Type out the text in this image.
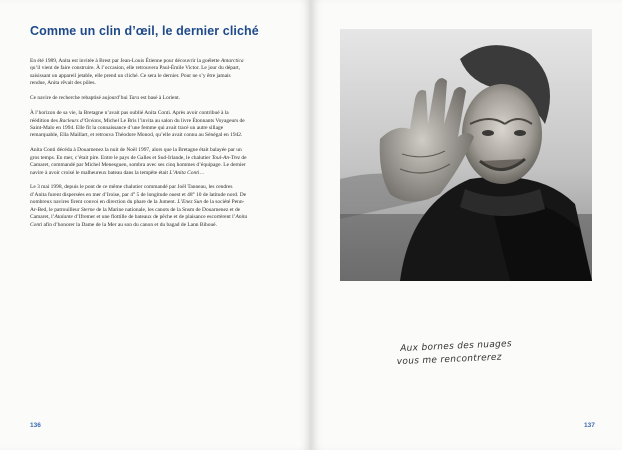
Comme un clin d’œil, le dernier cliché

En été 1989, Anita est invitée à Brest par Jean-Louis Étienne pour découvrir la goélette Antarctica qu’il vient de faire construire. À l’occasion, elle retrouvera Paul-Émile Victor. Le jour du départ, saisissant un appareil jetable, elle prend un cliché. Ce sera le dernier. Pour ne s’y être jamais rendue, Anita rêvait des pôles.

Ce navire de recherche rebaptisé aujourd’hui Tara est basé à Lorient.

À l’horizon de sa vie, la Bretagne n’avait pas oublié Anita Conti. Après avoir contribué à la réédition des Racleurs d’Océans, Michel Le Bris l’invita au salon du livre Étonnants Voyageurs de Saint-Malo en 1994. Elle fit la connaissance d’une femme qui avait tracé un autre sillage remarquable, Ella Maillart, et retrouva Théodore Monod, qu’elle avait connu au Sénégal en 1942.

Anita Conti décéda à Douarnenez la nuit de Noël 1997, alors que la Bretagne était balayée par un gros temps. En mer, c’était pire. Entre le pays de Galles et Sud-Irlande, le chalutier Toul-An-Trez de Camaret, commandé par Michel Menesguen, sombra avec ses cinq hommes d’équipage. Le dernier navire à avoir croisé le malheureux bateau dans la tempête était L’Anita Conti…

Le 3 mai 1998, depuis le pont de ce même chalutier commandé par Joël Tanneau, les cendres d’Anita furent dispersées en mer d’Iroise, par 4° 5 de longitude ouest et 48° 10 de latitude nord. De nombreux navires firent convoi en direction du phare de la Jument. L’Enez Sun de la société Penn-Ar-Bed, le patrouilleur Sterne de la Marine nationale, les canots de la Snsm de Douarnenez et de Camaret, l’Atalante d’Ifremer et une flottille de bateaux de pêche et de plaisance escortèrent l’Anita Conti afin d’honorer la Dame de la Mer au son du canon et du bagad de Lann Bihoué.

136	137
Aux bornes des nuages
vous me rencontrerez
